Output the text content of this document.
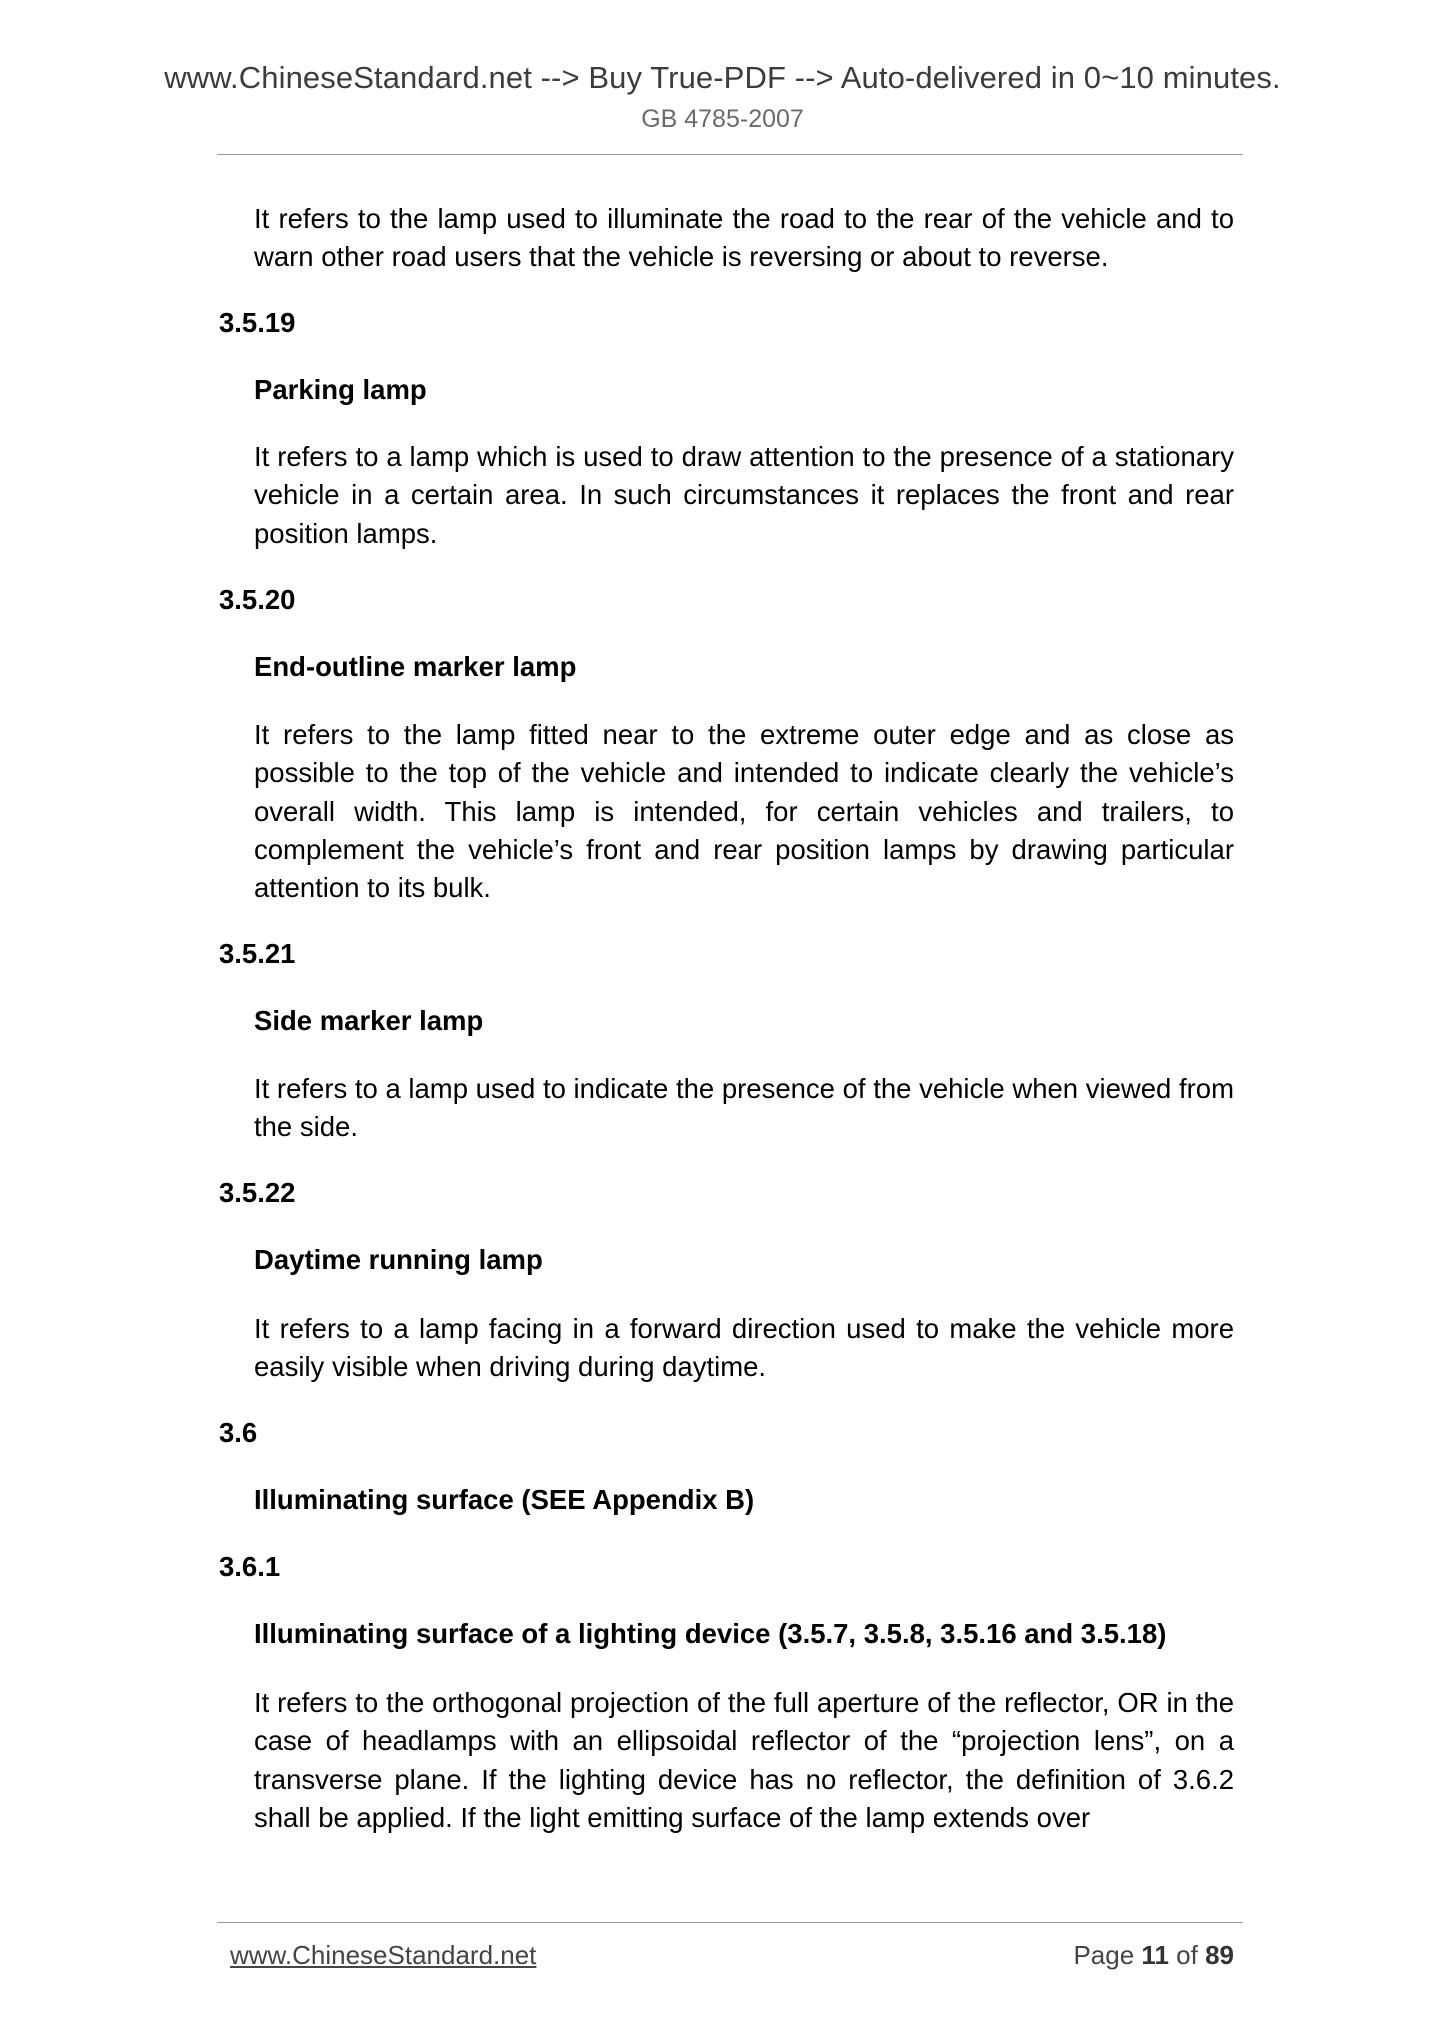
www.ChineseStandard.net --> Buy True-PDF --> Auto-delivered in 0~10 minutes.
GB 4785-2007
It refers to the lamp used to illuminate the road to the rear of the vehicle and to warn other road users that the vehicle is reversing or about to reverse.
3.5.19
Parking lamp
It refers to a lamp which is used to draw attention to the presence of a stationary vehicle in a certain area. In such circumstances it replaces the front and rear position lamps.
3.5.20
End-outline marker lamp
It refers to the lamp fitted near to the extreme outer edge and as close as possible to the top of the vehicle and intended to indicate clearly the vehicle’s overall width. This lamp is intended, for certain vehicles and trailers, to complement the vehicle’s front and rear position lamps by drawing particular attention to its bulk.
3.5.21
Side marker lamp
It refers to a lamp used to indicate the presence of the vehicle when viewed from the side.
3.5.22
Daytime running lamp
It refers to a lamp facing in a forward direction used to make the vehicle more easily visible when driving during daytime.
3.6
Illuminating surface (SEE Appendix B)
3.6.1
Illuminating surface of a lighting device (3.5.7, 3.5.8, 3.5.16 and 3.5.18)
It refers to the orthogonal projection of the full aperture of the reflector, OR in the case of headlamps with an ellipsoidal reflector of the “projection lens”, on a transverse plane. If the lighting device has no reflector, the definition of 3.6.2 shall be applied. If the light emitting surface of the lamp extends over
www.ChineseStandard.net	Page 11 of 89
